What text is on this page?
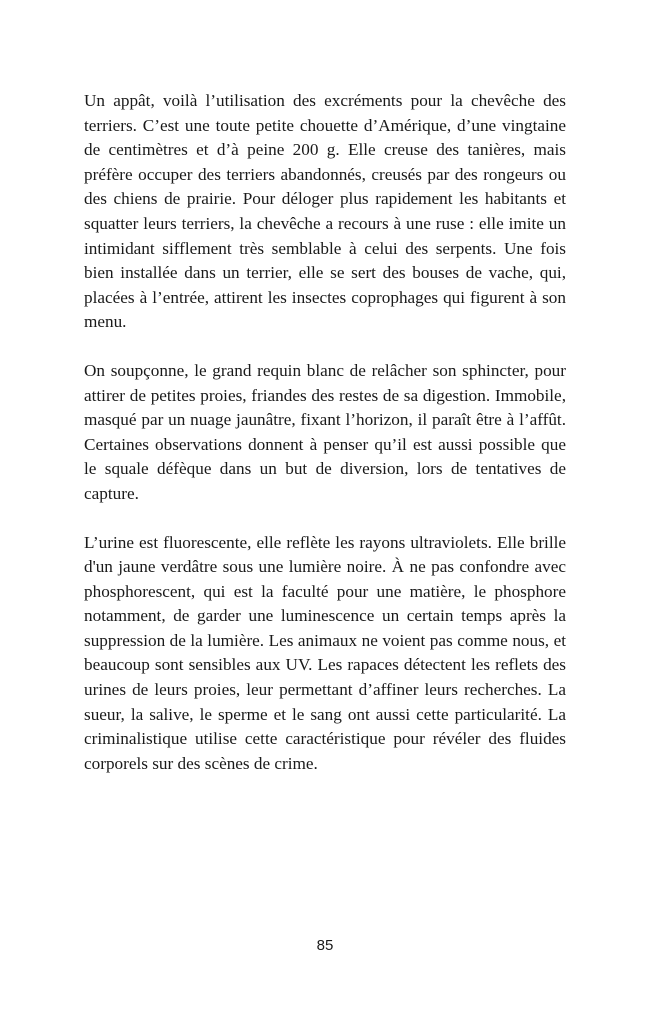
Un appât, voilà l’utilisation des excréments pour la chevêche des terriers. C’est une toute petite chouette d’Amérique, d’une vingtaine de centimètres et d’à peine 200 g. Elle creuse des tanières, mais préfère occuper des terriers abandonnés, creusés par des rongeurs ou des chiens de prairie. Pour déloger plus rapidement les habitants et squatter leurs terriers, la chevêche a recours à une ruse : elle imite un intimidant sifflement très semblable à celui des serpents. Une fois bien installée dans un terrier, elle se sert des bouses de vache, qui, placées à l’entrée, attirent les insectes coprophages qui figurent à son menu.

On soupçonne, le grand requin blanc de relâcher son sphincter, pour attirer de petites proies, friandes des restes de sa digestion. Immobile, masqué par un nuage jaunâtre, fixant l’horizon, il paraît être à l’affût. Certaines observations donnent à penser qu’il est aussi possible que le squale défèque dans un but de diversion, lors de tentatives de capture.

L’urine est fluorescente, elle reflète les rayons ultraviolets. Elle brille d'un jaune verdâtre sous une lumière noire. À ne pas confondre avec phosphorescent, qui est la faculté pour une matière, le phosphore notamment, de garder une luminescence un certain temps après la suppression de la lumière. Les animaux ne voient pas comme nous, et beaucoup sont sensibles aux UV. Les rapaces détectent les reflets des urines de leurs proies, leur permettant d’affiner leurs recherches. La sueur, la salive, le sperme et le sang ont aussi cette particularité. La criminalistique utilise cette caractéristique pour révéler des fluides corporels sur des scènes de crime.

85
